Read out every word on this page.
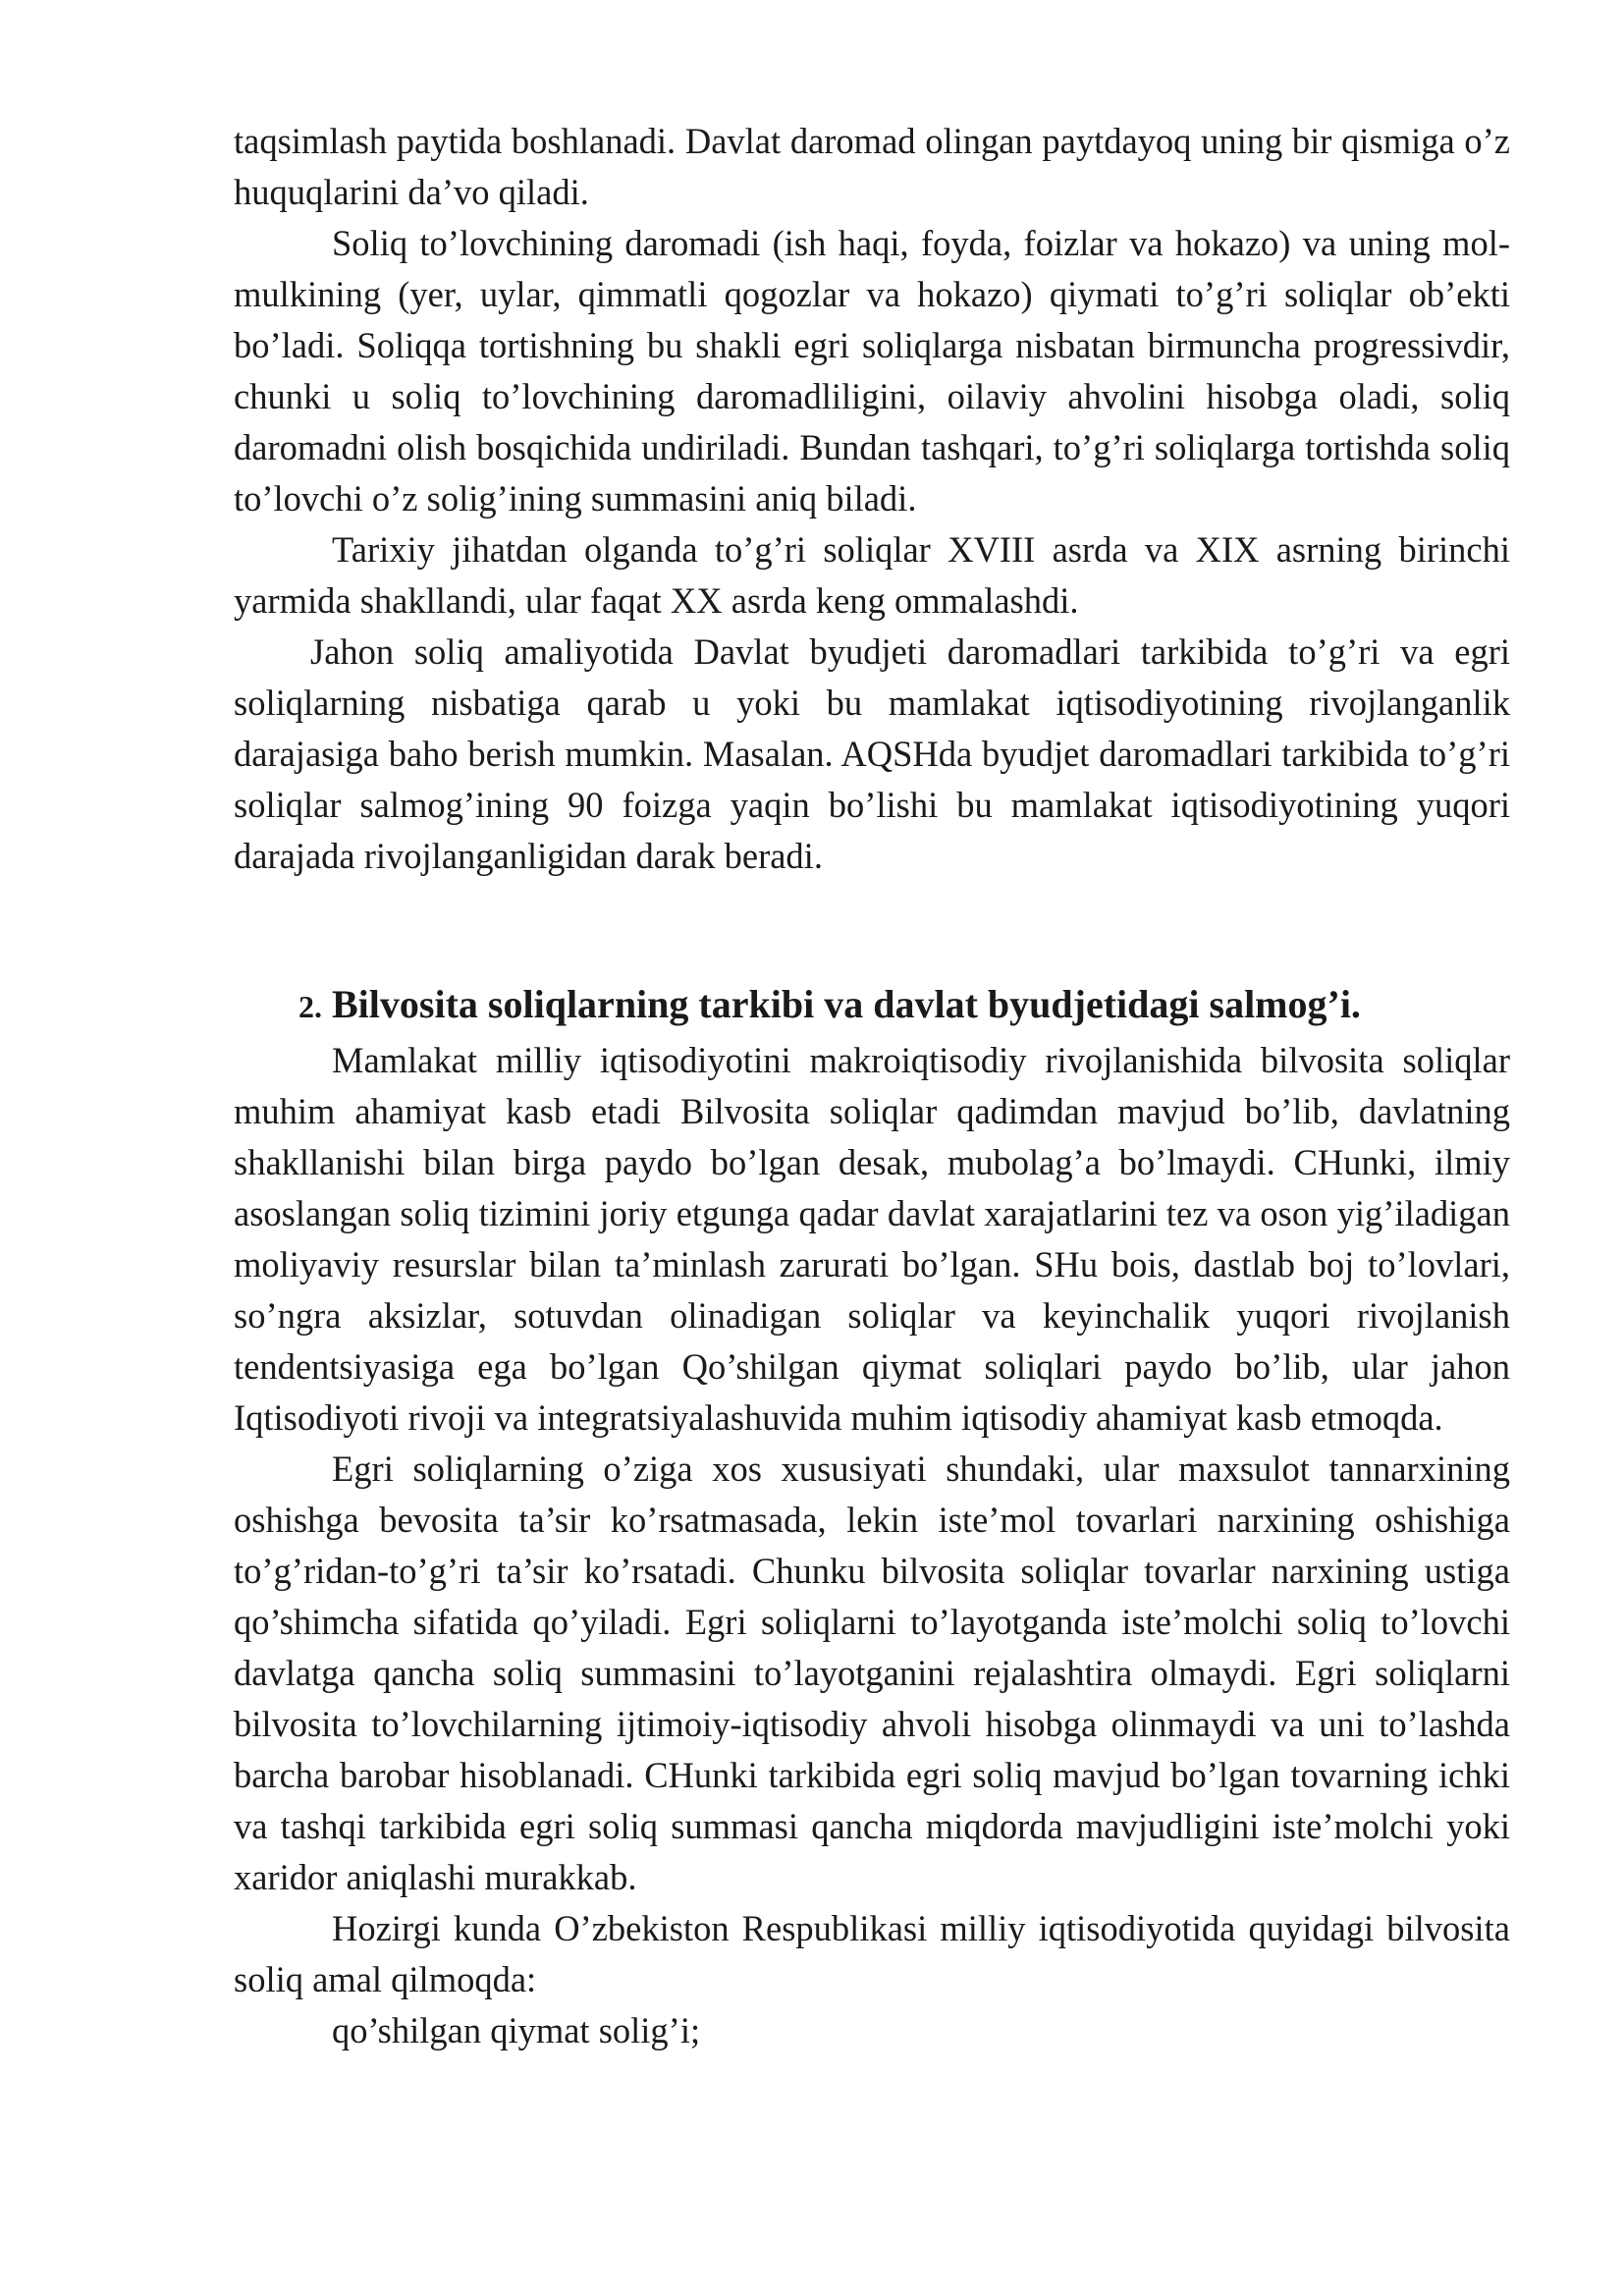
taqsimlash paytida boshlanadi. Davlat daromad olingan paytdayoq uning bir qismiga o’z huquqlarini da’vo qiladi.

Soliq to’lovchining daromadi (ish haqi, foyda, foizlar va hokazo) va uning mol-mulkining (yer, uylar, qimmatli qogozlar va hokazo) qiymati to’g’ri soliqlar ob’ekti bo’ladi. Soliqqa tortishning bu shakli egri soliqlarga nisbatan birmuncha progressivdir, chunki u soliq to’lovchining daromadliligini, oilaviy ahvolini hisobga oladi, soliq daromadni olish bosqichida undiriladi. Bundan tashqari, to’g’ri soliqlarga tortishda soliq to’lovchi o’z solig’ining summasini aniq biladi.

Tarixiy jihatdan olganda to’g’ri soliqlar XVIII asrda va XIX asrning birinchi yarmida shakllandi, ular faqat XX asrda keng ommalashdi.

Jahon soliq amaliyotida Davlat byudjeti daromadlari tarkibida to’g’ri va egri soliqlarning nisbatiga qarab u yoki bu mamlakat iqtisodiyotining rivojlanganlik darajasiga baho berish mumkin. Masalan. AQSHda byudjet daromadlari tarkibida to’g’ri soliqlar salmog’ining 90 foizga yaqin bo’lishi bu mamlakat iqtisodiyotining yuqori darajada rivojlanganligidan darak beradi.

2. Bilvosita soliqlarning tarkibi va davlat byudjetidagi salmog’i.

Mamlakat milliy iqtisodiyotini makroiqtisodiy rivojlanishida bilvosita soliqlar muhim ahamiyat kasb etadi Bilvosita soliqlar qadimdan mavjud bo’lib, davlatning shakllanishi bilan birga paydo bo’lgan desak, mubolag’a bo’lmaydi. CHunki, ilmiy asoslangan soliq tizimini joriy etgunga qadar davlat xarajatlarini tez va oson yig’iladigan moliyaviy resurslar bilan ta’minlash zarurati bo’lgan. SHu bois, dastlab boj to’lovlari, so’ngra aksizlar, sotuvdan olinadigan soliqlar va keyinchalik yuqori rivojlanish tendentsiyasiga ega bo’lgan Qo’shilgan qiymat soliqlari paydo bo’lib, ular jahon Iqtisodiyoti rivoji va integratsiyalashuvida muhim iqtisodiy ahamiyat kasb etmoqda.

Egri soliqlarning o’ziga xos xususiyati shundaki, ular maxsulot tannarxining oshishga bevosita ta’sir ko’rsatmasada, lekin iste’mol tovarlari narxining oshishiga to’g’ridan-to’g’ri ta’sir ko’rsatadi. Chunku bilvosita soliqlar tovarlar narxining ustiga qo’shimcha sifatida qo’yiladi. Egri soliqlarni to’layotganda iste’molchi soliq to’lovchi davlatga qancha soliq summasini to’layotganini rejalashtira olmaydi. Egri soliqlarni bilvosita to’lovchilarning ijtimoiy-iqtisodiy ahvoli hisobga olinmaydi va uni to’lashda barcha barobar hisoblanadi. CHunki tarkibida egri soliq mavjud bo’lgan tovarning ichki va tashqi tarkibida egri soliq summasi qancha miqdorda mavjudligini iste’molchi yoki xaridor aniqlashi murakkab.

Hozirgi kunda O’zbekiston Respublikasi milliy iqtisodiyotida quyidagi bilvosita soliq amal qilmoqda:

qo’shilgan qiymat solig’i;
